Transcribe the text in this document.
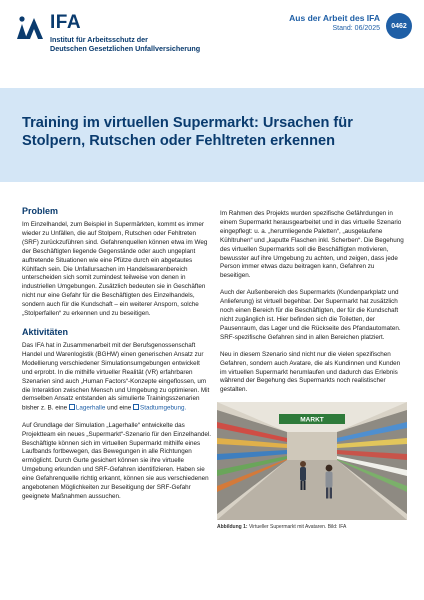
IFA
Institut für Arbeitsschutz der
Deutschen Gesetzlichen Unfallversicherung
Aus der Arbeit des IFA
Stand: 06/2025	0462
Training im virtuellen Supermarkt: Ursachen für Stolpern, Rutschen oder Fehltreten erkennen
Problem
Im Einzelhandel, zum Beispiel in Supermärkten, kommt es immer wieder zu Unfällen, die auf Stolpern, Rutschen oder Fehltreten (SRF) zurückzuführen sind. Gefahrenquellen können etwa im Weg der Beschäftigten liegende Gegenstände oder auch ungeplant auftretende Situationen wie eine Pfütze durch ein abgetautes Kühlfach sein. Die Unfallursachen im Handelswarenbereich unterscheiden sich somit zumindest teilweise von denen in industriellen Umgebungen. Zusätzlich bedeuten sie in Geschäften nicht nur eine Gefahr für die Beschäftigten des Einzelhandels, sondern auch für die Kundschaft – ein weiterer Ansporn, solche „Stolperfallen“ zu erkennen und zu beseitigen.
Aktivitäten
Das IFA hat in Zusammenarbeit mit der Berufsgenossenschaft Handel und Warenlogistik (BGHW) einen generischen Ansatz zur Modellierung verschiedener Simulationsumgebungen entwickelt und erprobt. In die mithilfe virtueller Realität (VR) erfahrbaren Szenarien sind auch „Human Factors“-Konzepte eingeflossen, um die Interaktion zwischen Mensch und Umgebung zu optimieren. Mit demselben Ansatz entstanden als simulierte Trainingsszenarien bisher z. B. eine Lagerhalle und eine Stadtumgebung.
Auf Grundlage der Simulation „Lagerhalle“ entwickelte das Projektteam ein neues „Supermarkt“-Szenario für den Einzelhandel. Beschäftigte können sich im virtuellen Supermarkt mithilfe eines Laufbands fortbewegen, das Bewegungen in alle Richtungen ermöglicht. Durch Gurte gesichert können sie ihre virtuelle Umgebung erkunden und SRF-Gefahren identifizieren. Haben sie eine Gefahrenquelle richtig erkannt, können sie aus verschiedenen angebotenen Möglichkeiten zur Beseitigung der SRF-Gefahr geeignete Maßnahmen aussuchen.
Im Rahmen des Projekts wurden spezifische Gefährdungen in einem Supermarkt herausgearbeitet und in das virtuelle Szenario eingepflegt: u. a. „herumliegende Paletten“, „ausgelaufene Kühltruhen“ und „kaputte Flaschen inkl. Scherben“. Die Begehung des virtuellen Supermarkts soll die Beschäftigten motivieren, bewusster auf ihre Umgebung zu achten, und zeigen, dass jede Person immer etwas dazu beitragen kann, Gefahren zu beseitigen.
Auch der Außenbereich des Supermarkts (Kundenparkplatz und Anlieferung) ist virtuell begehbar. Der Supermarkt hat zusätzlich noch einen Bereich für die Beschäftigten, der für die Kundschaft nicht zugänglich ist. Hier befinden sich die Toiletten, der Pausenraum, das Lager und die Rückseite des Pfandautomaten. SRF-spezifische Gefahren sind in allen Bereichen platziert.
Neu in diesem Szenario sind nicht nur die vielen spezifischen Gefahren, sondern auch Avatare, die als Kundinnen und Kunden im virtuellen Supermarkt herumlaufen und dadurch das Erlebnis während der Begehung des Supermarkts noch realistischer gestalten.
MARKT
Abbildung 1: Virtueller Supermarkt mit Avataren. Bild: IFA
